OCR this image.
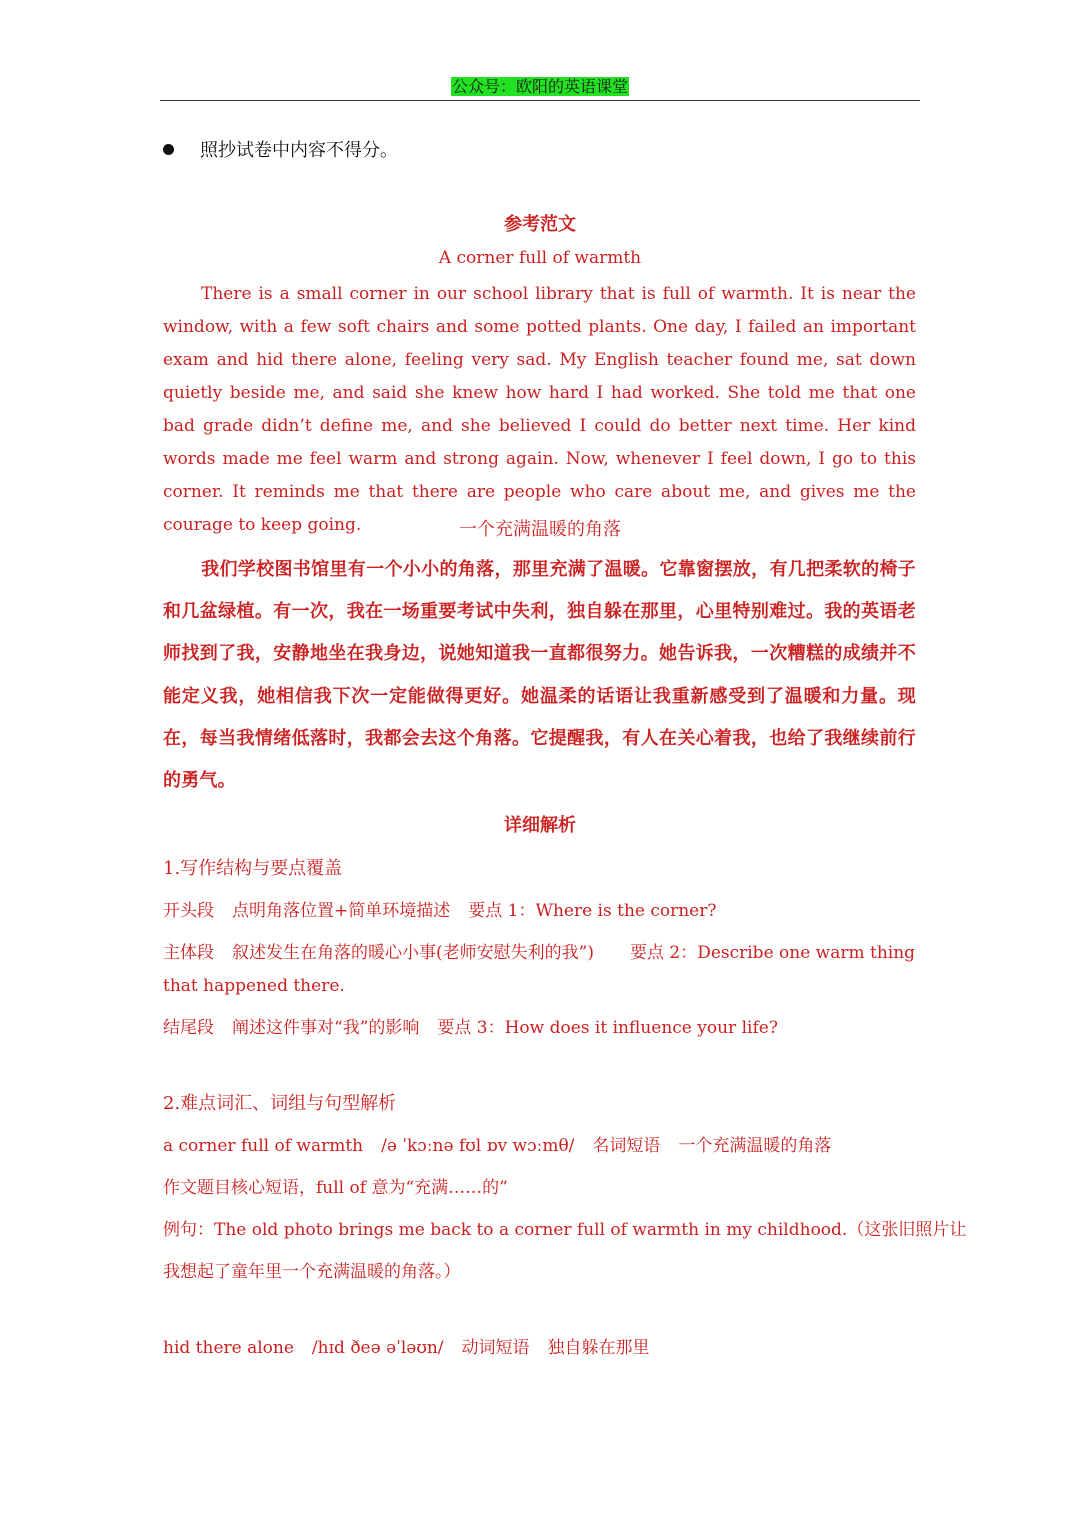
公众号：欧阳的英语课堂
照抄试卷中内容不得分。
参考范文
A corner full of warmth

There is a small corner in our school library that is full of warmth. It is near the window, with a few soft chairs and some potted plants. One day, I failed an important exam and hid there alone, feeling very sad. My English teacher found me, sat down quietly beside me, and said she knew how hard I had worked. She told me that one bad grade didn’t define me, and she believed I could do better next time. Her kind words made me feel warm and strong again. Now, whenever I feel down, I go to this corner. It reminds me that there are people who care about me, and gives me the courage to keep going.	一个充满温暖的角落

我们学校图书馆里有一个小小的角落，那里充满了温暖。它靠窗摆放，有几把柔软的椅子和几盆绿植。有一次，我在一场重要考试中失利，独自躲在那里，心里特别难过。我的英语老师找到了我，安静地坐在我身边，说她知道我一直都很努力。她告诉我，一次糟糕的成绩并不能定义我，她相信我下次一定能做得更好。她温柔的话语让我重新感受到了温暖和力量。现在，每当我情绪低落时，我都会去这个角落。它提醒我，有人在关心着我，也给了我继续前行的勇气。

详细解析
1.写作结构与要点覆盖
开头段 点明角落位置+简单环境描述 要点 1：Where is the corner?
主体段 叙述发生在角落的暖心小事(老师安慰失利的我”) 要点 2：Describe one warm thing
that happened there.
结尾段 阐述这件事对“我”的影响 要点 3：How does it influence your life?
2.难点词汇、词组与句型解析
a corner full of warmth /ə ˈkɔːnə fʊl ɒv wɔːmθ/ 名词短语 一个充满温暖的角落
作文题目核心短语，full of 意为“充满……的”
例句：The old photo brings me back to a corner full of warmth in my childhood.（这张旧照片让
我想起了童年里一个充满温暖的角落。）
hid there alone /hɪd ðeə əˈləʊn/ 动词短语 独自躲在那里
